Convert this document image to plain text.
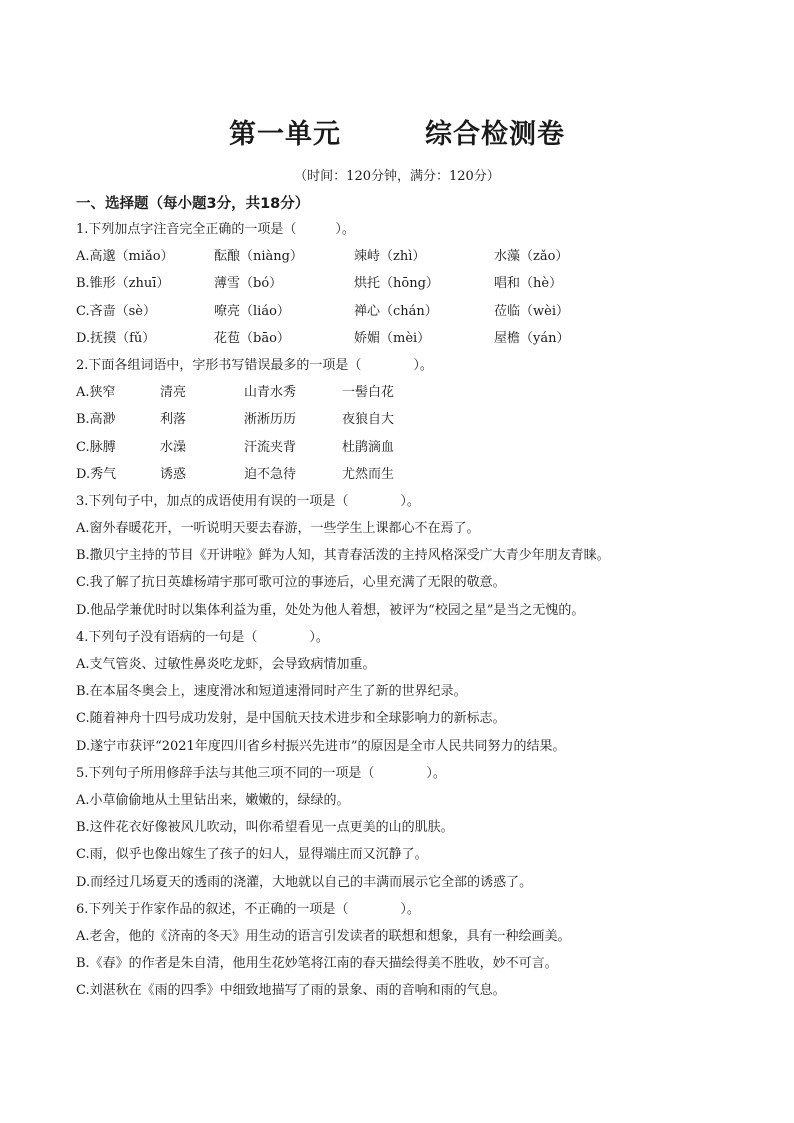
第一单元　　　综合检测卷
（时间：120分钟，满分：120分）
一、选择题（每小题3分，共18分）
1.下列加点字注音完全正确的一项是（　　　）。
A.高邈（miǎo）	酝酿（niàng）	竦峙（zhì）	水藻（zǎo）
B.锥形（zhuī）	薄雪（bó）	烘托（hōng）	唱和（hè）
C.吝啬（sè）	嘹亮（liáo）	禅心（chán）	莅临（wèi）
D.抚摸（fǔ）	花苞（bāo）	娇媚（mèi）	屋檐（yán）
2.下面各组词语中，字形书写错误最多的一项是（　　　　）。
A.狭窄	清亮	山青水秀	一髻白花
B.高渺	利落	淅淅历历	夜狼自大
C.脉膊	水澡	汗流夹背	杜鹃滴血
D.秀气	诱惑	迫不急待	尤然而生
3.下列句子中，加点的成语使用有误的一项是（　　　　）。
A.窗外春暖花开，一听说明天要去春游，一些学生上课都心不在焉了。
B.撒贝宁主持的节目《开讲啦》鲜为人知，其青春活泼的主持风格深受广大青少年朋友青睐。
C.我了解了抗日英雄杨靖宇那可歌可泣的事迹后，心里充满了无限的敬意。
D.他品学兼优时时以集体利益为重，处处为他人着想，被评为“校园之星”是当之无愧的。
4.下列句子没有语病的一句是（　　　　）。
A.支气管炎、过敏性鼻炎吃龙虾，会导致病情加重。
B.在本届冬奥会上，速度滑冰和短道速滑同时产生了新的世界纪录。
C.随着神舟十四号成功发射，是中国航天技术进步和全球影响力的新标志。
D.遂宁市获评“2021年度四川省乡村振兴先进市”的原因是全市人民共同努力的结果。
5.下列句子所用修辞手法与其他三项不同的一项是（　　　　）。
A.小草偷偷地从土里钻出来，嫩嫩的，绿绿的。
B.这件花衣好像被风儿吹动，叫你希望看见一点更美的山的肌肤。
C.雨，似乎也像出嫁生了孩子的妇人，显得端庄而又沉静了。
D.而经过几场夏天的透雨的浇灌，大地就以自己的丰满而展示它全部的诱惑了。
6.下列关于作家作品的叙述，不正确的一项是（　　　　）。
A.老舍，他的《济南的冬天》用生动的语言引发读者的联想和想象，具有一种绘画美。
B.《春》的作者是朱自清，他用生花妙笔将江南的春天描绘得美不胜收，妙不可言。
C.刘湛秋在《雨的四季》中细致地描写了雨的景象、雨的音响和雨的气息。
